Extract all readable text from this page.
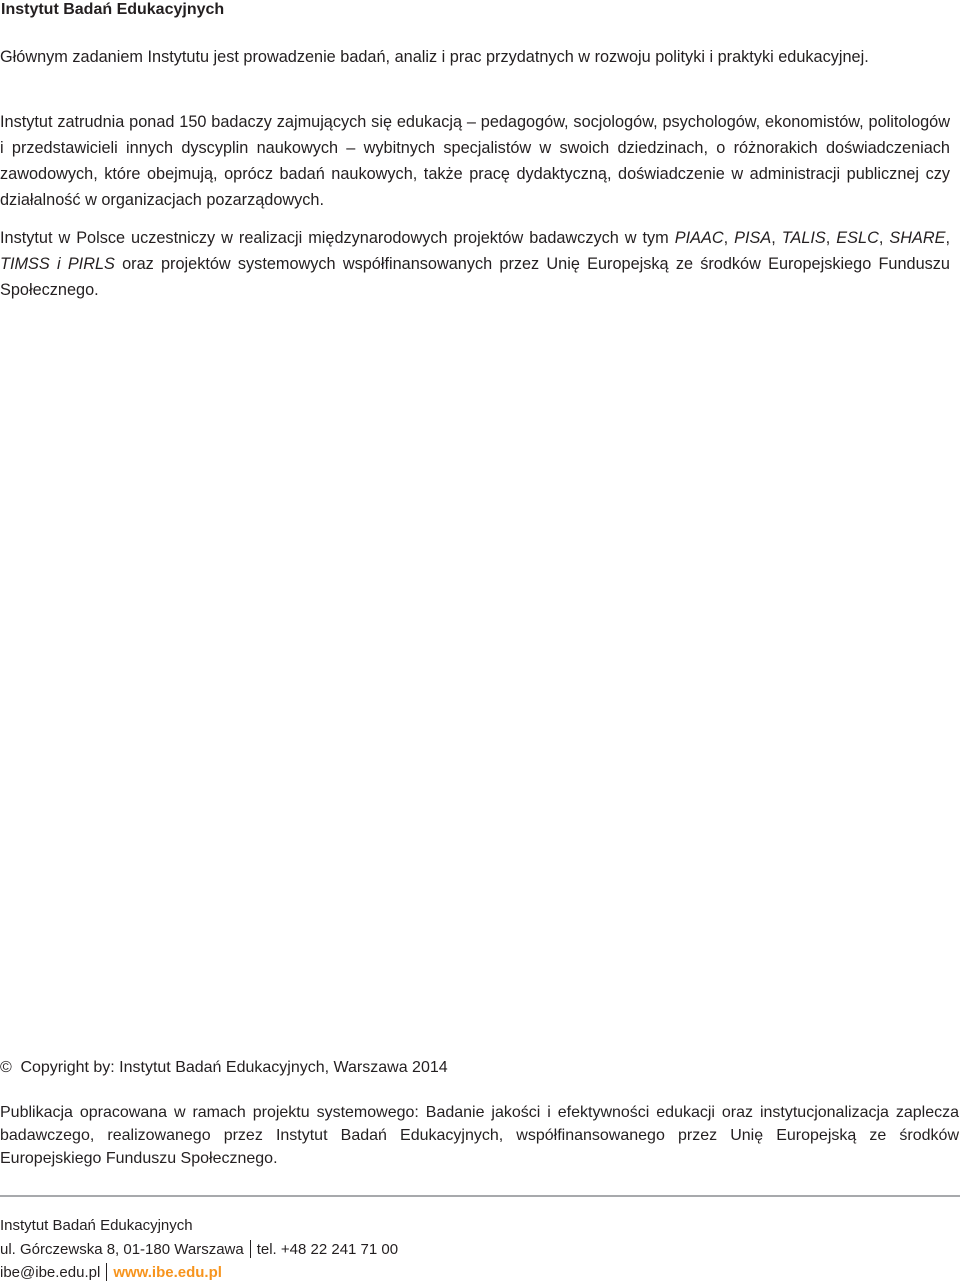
Instytut Badań Edukacyjnych

Głównym zadaniem Instytutu jest prowadzenie badań, analiz i prac przydatnych w rozwoju polityki i praktyki edukacyjnej.

Instytut zatrudnia ponad 150 badaczy zajmujących się edukacją – pedagogów, socjologów, psychologów, ekonomistów, politologów i przedstawicieli innych dyscyplin naukowych – wybitnych specjalistów w swoich dziedzinach, o różnorakich doświadczeniach zawodowych, które obejmują, oprócz badań naukowych, także pracę dydaktyczną, doświadczenie w administracji publicznej czy działalność w organizacjach pozarządowych.

Instytut w Polsce uczestniczy w realizacji międzynarodowych projektów badawczych w tym PIAAC, PISA, TALIS, ESLC, SHARE, TIMSS i PIRLS oraz projektów systemowych współfinansowanych przez Unię Europejską ze środków Europejskiego Funduszu Społecznego.

© Copyright by: Instytut Badań Edukacyjnych, Warszawa 2014

Publikacja opracowana w ramach projektu systemowego: Badanie jakości i efektywności edukacji oraz instytucjonalizacja zaplecza badawczego, realizowanego przez Instytut Badań Edukacyjnych, współfinansowanego przez Unię Europejską ze środków Europejskiego Funduszu Społecznego.

Instytut Badań Edukacyjnych
ul. Górczewska 8, 01-180 Warszawa tel. +48 22 241 71 00
ibe@ibe.edu.pl www.ibe.edu.pl
